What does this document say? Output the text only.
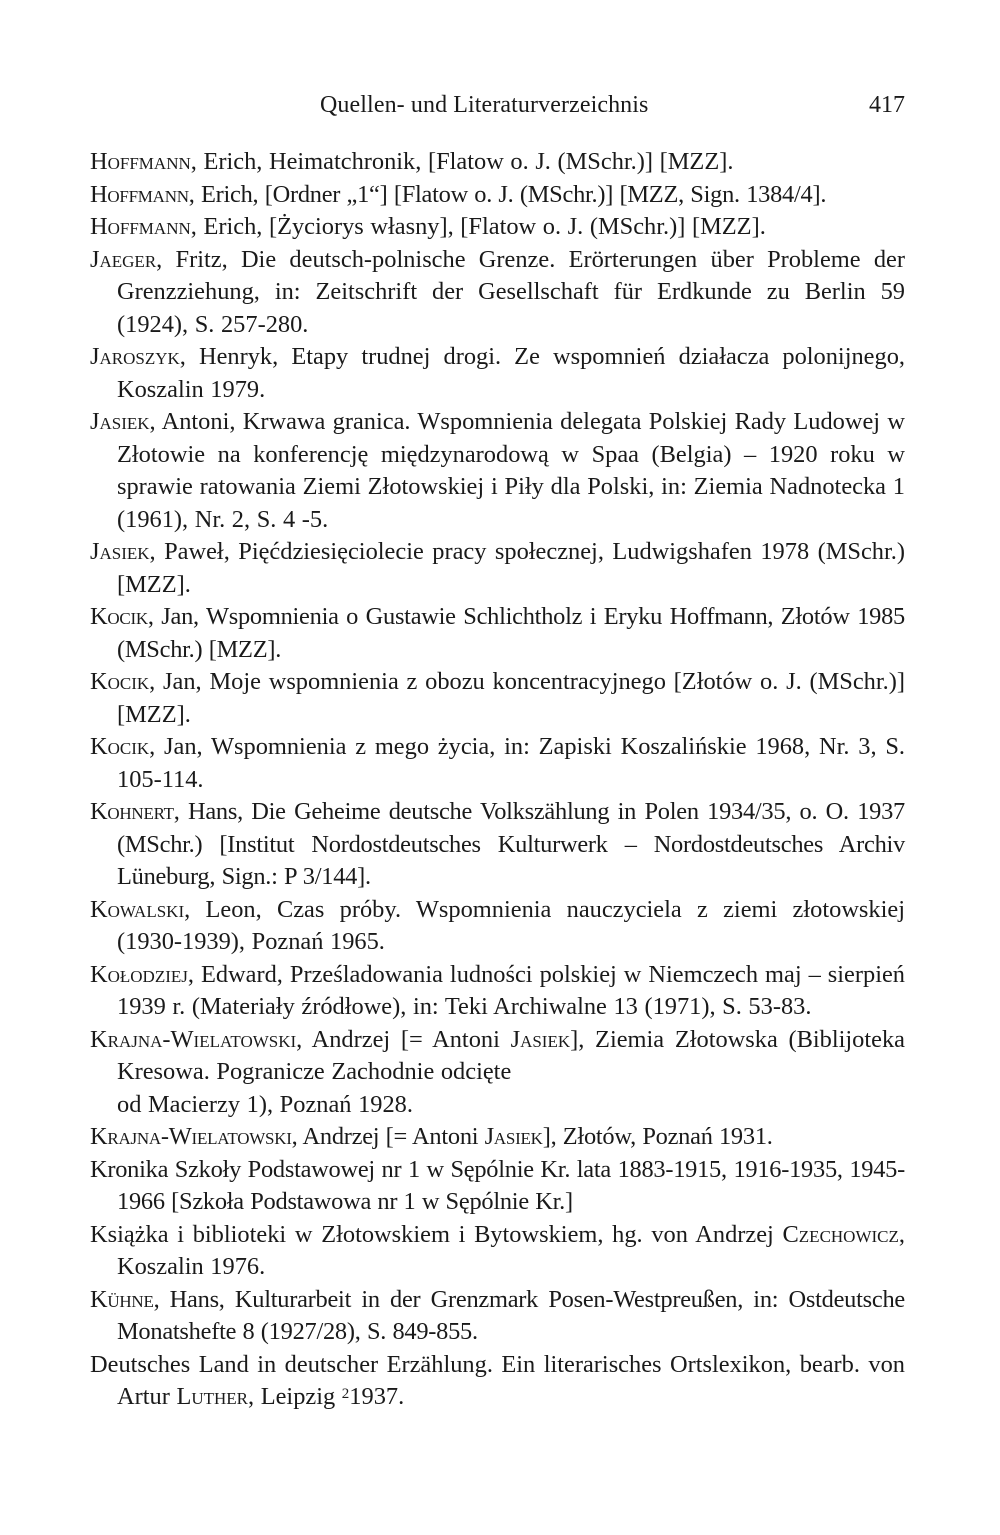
Quellen- und Literaturverzeichnis	417

Hoffmann, Erich, Heimatchronik, [Flatow o. J. (MSchr.)] [MZZ].

Hoffmann, Erich, [Ordner „1“] [Flatow o. J. (MSchr.)] [MZZ, Sign. 1384/4].

Hoffmann, Erich, [Życiorys własny], [Flatow o. J. (MSchr.)] [MZZ].

Jaeger, Fritz, Die deutsch-polnische Grenze. Erörterungen über Probleme der Grenzziehung, in: Zeitschrift der Gesellschaft für Erdkunde zu Berlin 59 (1924), S. 257-280.

Jaroszyk, Henryk, Etapy trudnej drogi. Ze wspomnień działacza polonijnego, Koszalin 1979.

Jasiek, Antoni, Krwawa granica. Wspomnienia delegata Polskiej Rady Ludowej w Złotowie na konferencję międzynarodową w Spaa (Belgia) – 1920 roku w sprawie ratowania Ziemi Złotowskiej i Piły dla Polski, in: Ziemia Nadnotecka 1 (1961), Nr. 2, S. 4 -5.

Jasiek, Paweł, Pięćdziesięciolecie pracy społecznej, Ludwigshafen 1978 (MSchr.) [MZZ].

Kocik, Jan, Wspomnienia o Gustawie Schlichtholz i Eryku Hoffmann, Złotów 1985 (MSchr.) [MZZ].

Kocik, Jan, Moje wspomnienia z obozu koncentracyjnego [Złotów o. J. (MSchr.)] [MZZ].

Kocik, Jan, Wspomnienia z mego życia, in: Zapiski Koszalińskie 1968, Nr. 3, S. 105-114.

Kohnert, Hans, Die Geheime deutsche Volkszählung in Polen 1934/35, o. O. 1937 (MSchr.) [Institut Nordostdeutsches Kulturwerk – Nordostdeutsches Archiv Lüneburg, Sign.: P 3/144].

Kowalski, Leon, Czas próby. Wspomnienia nauczyciela z ziemi złotowskiej (1930-1939), Poznań 1965.

Kołodziej, Edward, Prześladowania ludności polskiej w Niemczech maj – sierpień 1939 r. (Materiały źródłowe), in: Teki Archiwalne 13 (1971), S. 53-83.

Krajna-Wielatowski, Andrzej [= Antoni Jasiek], Ziemia Złotowska (Biblijoteka Kresowa. Pogranicze Zachodnie odcięte
od Macierzy 1), Poznań 1928.

Krajna-Wielatowski, Andrzej [= Antoni Jasiek], Złotów, Poznań 1931.

Kronika Szkoły Podstawowej nr 1 w Sępólnie Kr. lata 1883-1915, 1916-1935, 1945-1966 [Szkoła Podstawowa nr 1 w Sępólnie Kr.]

Książka i biblioteki w Złotowskiem i Bytowskiem, hg. von Andrzej Czechowicz, Koszalin 1976.

Kühne, Hans, Kulturarbeit in der Grenzmark Posen-Westpreußen, in: Ostdeutsche Monatshefte 8 (1927/28), S. 849-855.

Deutsches Land in deutscher Erzählung. Ein literarisches Ortslexikon, bearb. von Artur Luther, Leipzig $^2$1937.
